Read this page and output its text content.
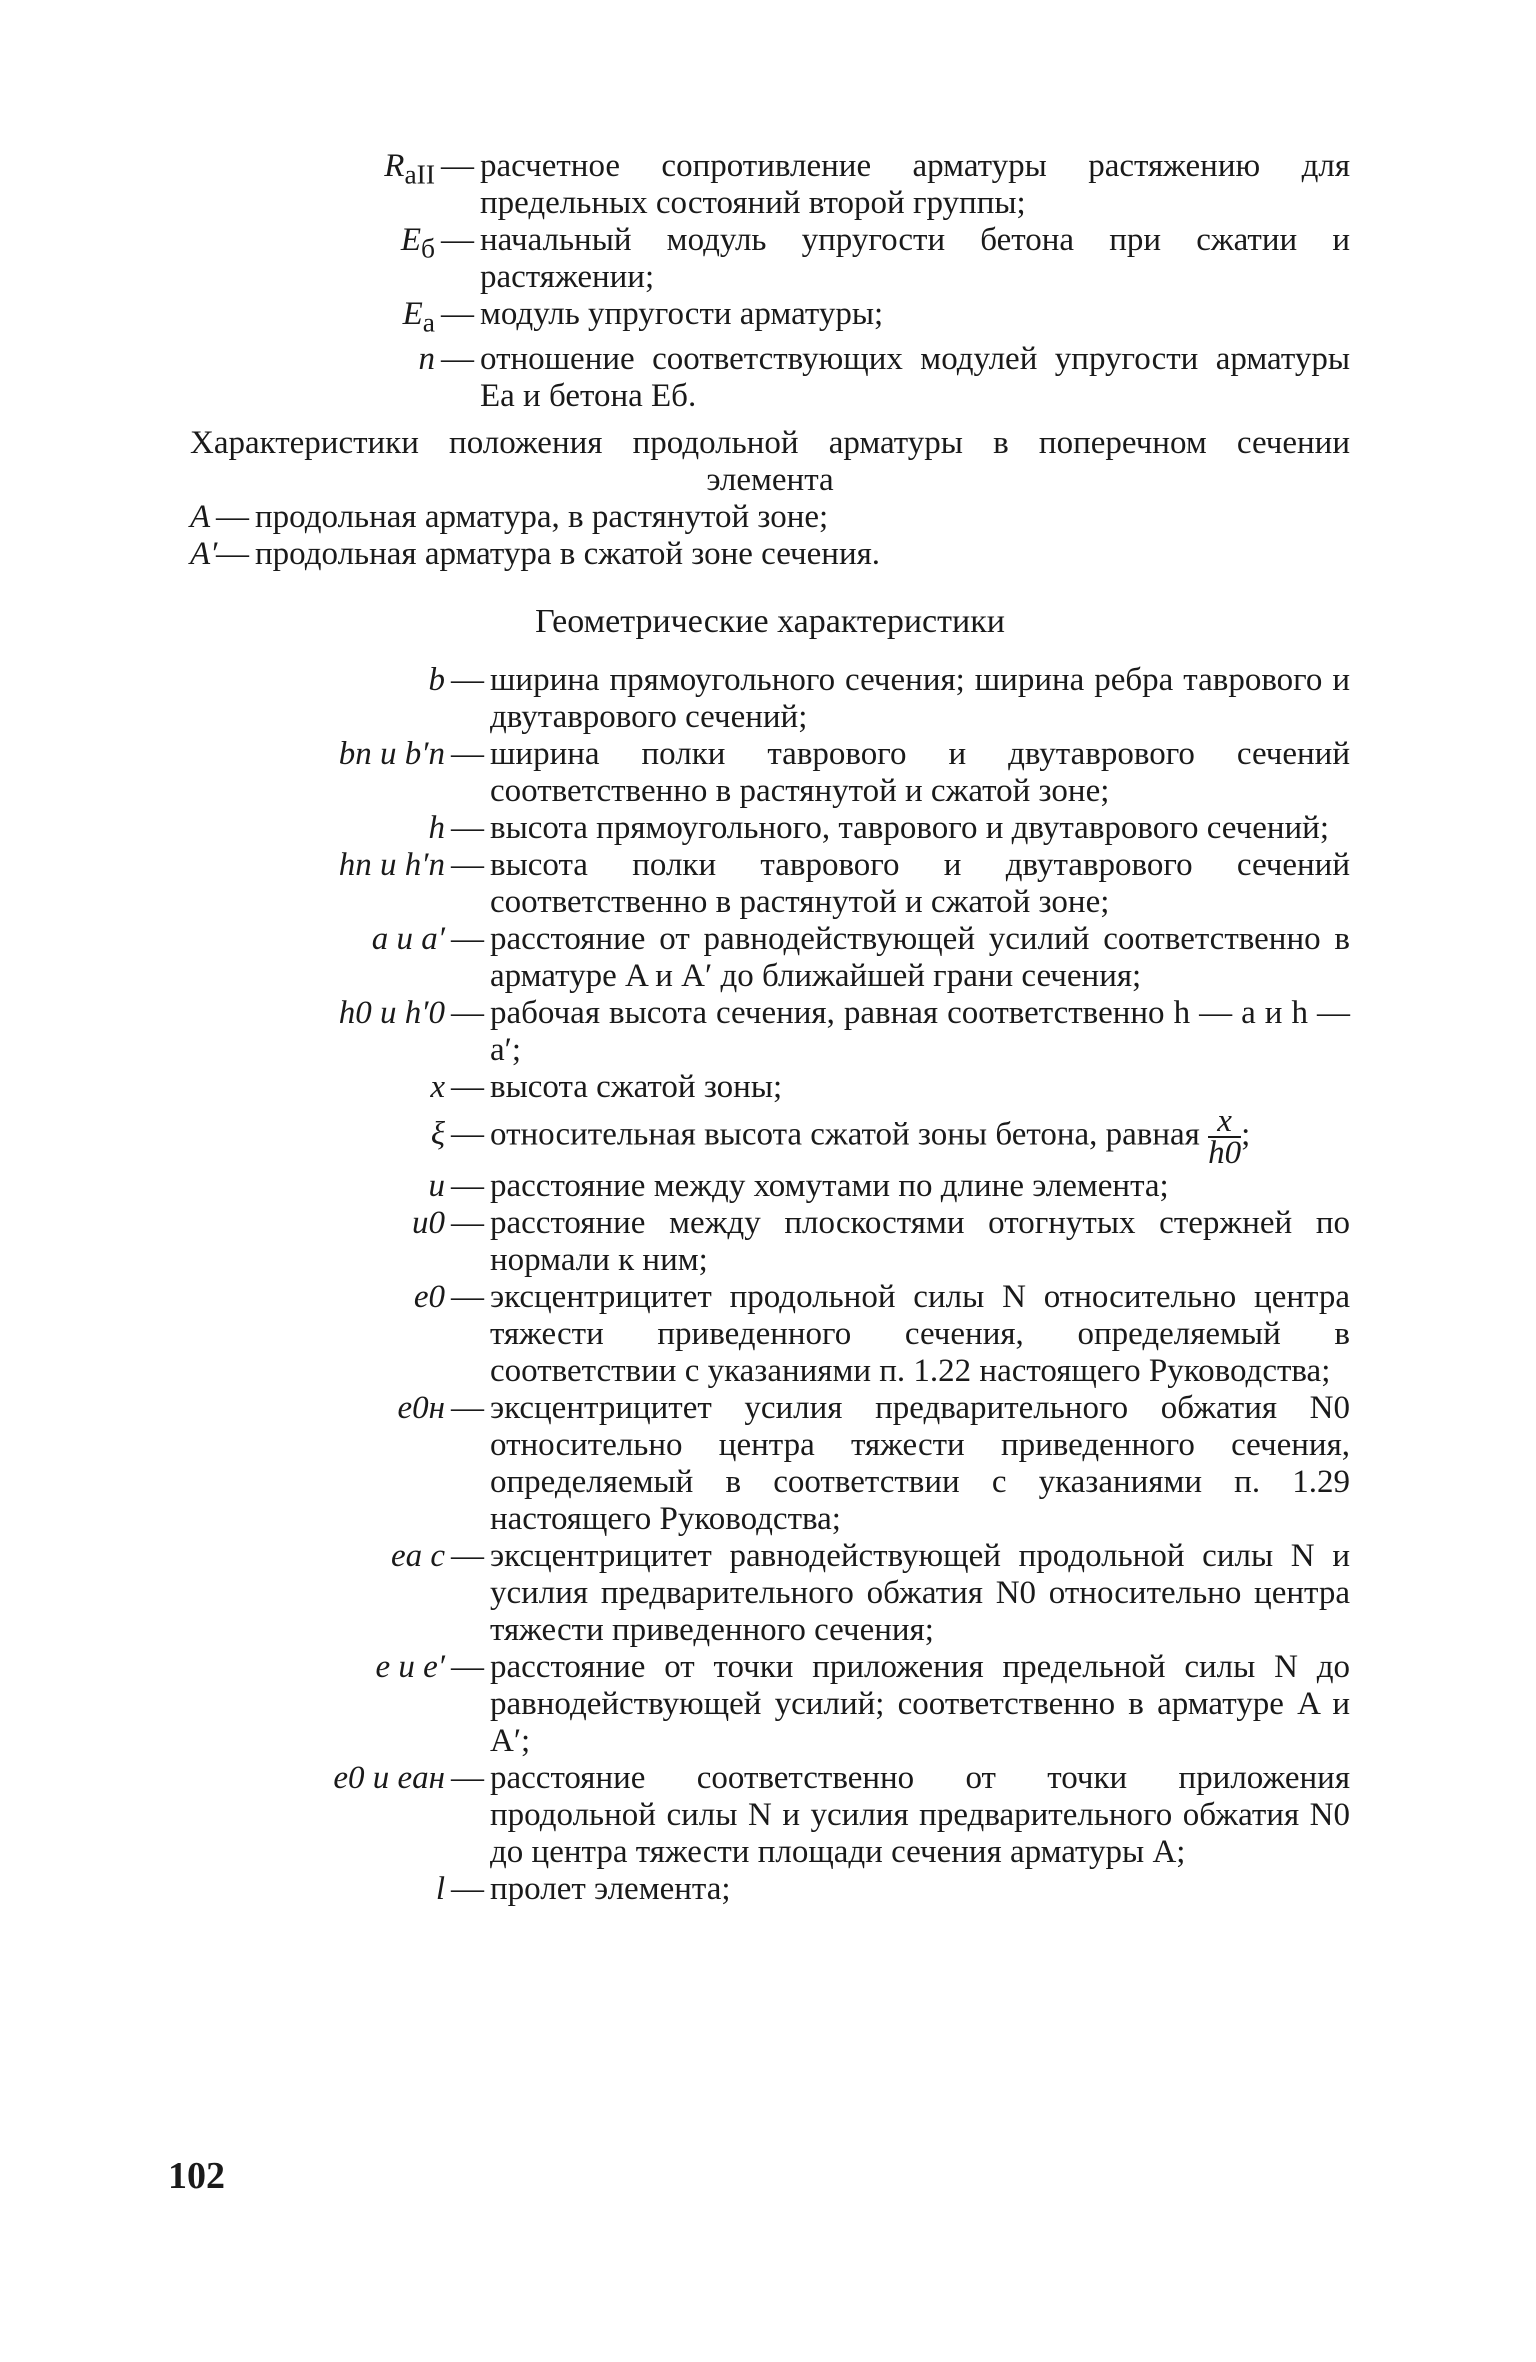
$R_{aII}$ — расчетное сопротивление арматуры растяжению для предельных состояний второй группы;
$E_б$ — начальный модуль упругости бетона при сжатии и растяжении;
$E_a$ — модуль упругости арматуры;
n — отношение соответствующих модулей упругости арматуры Eа и бетона Eб.
Характеристики положения продольной арматуры в поперечном сечении элемента
A — продольная арматура, в растянутой зоне;
A′
— продольная арматура в сжатой зоне сечения.
Геометрические характеристики
b — ширина прямоугольного сечения; ширина ребра таврового и двутаврового сечений;
bп и b′п — ширина полки таврового и двутаврового сечений соответственно в растянутой и сжатой зоне;
h — высота прямоугольного, таврового и двутаврового сечений;
hп и h′п — высота полки таврового и двутаврового сечений соответственно в растянутой и сжатой зоне;
a и a′ — расстояние от равнодействующей усилий соответственно в арматуре A и A′ до ближайшей грани сечения;
h0 и h′0 — рабочая высота сечения, равная соответственно h — a и h — a′;
x — высота сжатой зоны;
ξ — относительная высота сжатой зоны бетона, равная $\frac{x}{h0}$ ;
u — расстояние между хомутами по длине элемента;
u0 — расстояние между плоскостями отогнутых стержней по нормали к ним;
e0 — эксцентрицитет продольной силы N относительно центра тяжести приведенного сечения, определяемый в соответствии с указаниями п. 1.22 настоящего Руководства;
e0н — эксцентрицитет усилия предварительного обжатия N0 относительно центра тяжести приведенного сечения, определяемый в соответствии с указаниями п. 1.29 настоящего Руководства;
eа с — эксцентрицитет равнодействующей продольной силы N и усилия предварительного обжатия N0 относительно центра тяжести приведенного сечения;
e и e′ — расстояние от точки приложения предельной силы N до равнодействующей усилий; соответственно в арматуре A и A′;
e0 и eан — расстояние соответственно от точки приложения продольной силы N и усилия предварительного обжатия N0 до центра тяжести площади сечения арматуры A;
l — пролет элемента;
102
